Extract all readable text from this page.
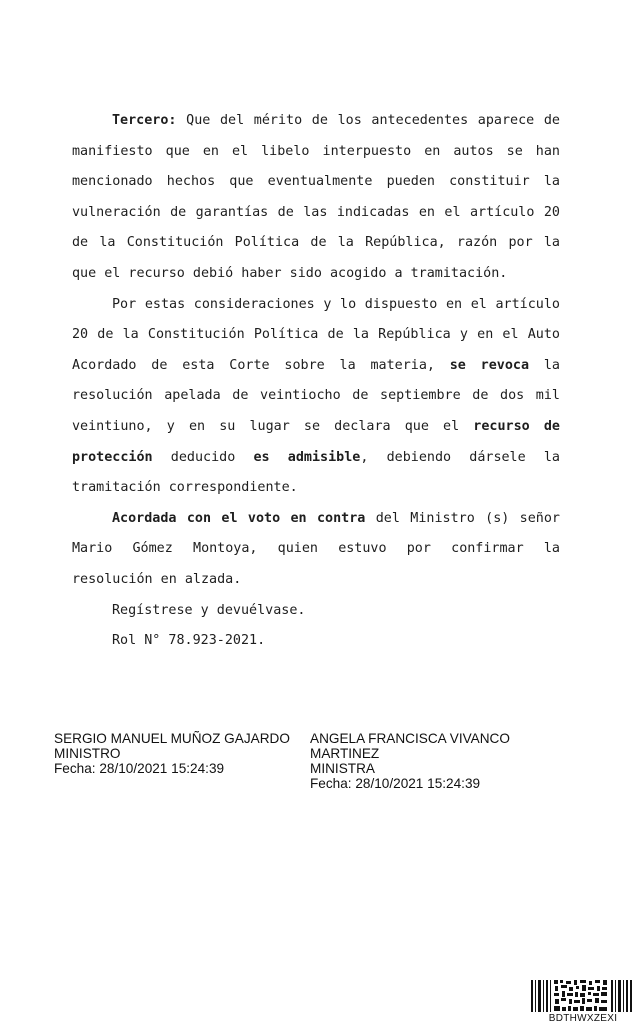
Tercero: Que del mérito de los antecedentes aparece de manifiesto que en el libelo interpuesto en autos se han mencionado hechos que eventualmente pueden constituir la vulneración de garantías de las indicadas en el artículo 20 de la Constitución Política de la República, razón por la que el recurso debió haber sido acogido a tramitación.

Por estas consideraciones y lo dispuesto en el artículo 20 de la Constitución Política de la República y en el Auto Acordado de esta Corte sobre la materia, se revoca la resolución apelada de veintiocho de septiembre de dos mil veintiuno, y en su lugar se declara que el recurso de protección deducido es admisible, debiendo dársele la tramitación correspondiente.

Acordada con el voto en contra del Ministro (s) señor Mario Gómez Montoya, quien estuvo por confirmar la resolución en alzada.

Regístrese y devuélvase.

Rol N° 78.923-2021.

SERGIO MANUEL MUÑOZ GAJARDO
MINISTRO
Fecha: 28/10/2021 15:24:39
ANGELA FRANCISCA VIVANCO
MARTINEZ
MINISTRA
Fecha: 28/10/2021 15:24:39
BDTHWXZEXI
